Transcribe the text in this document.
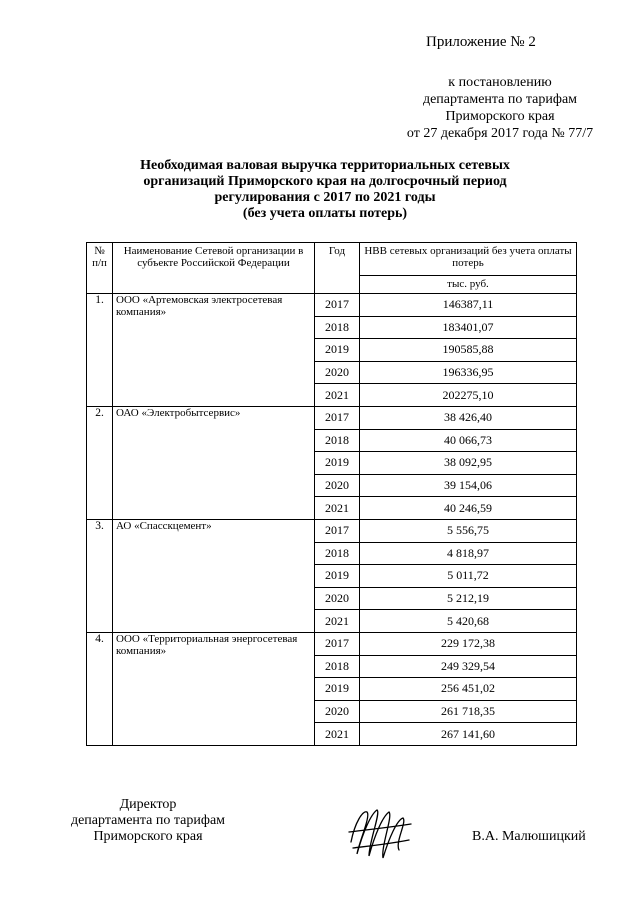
Приложение № 2
к постановлению
департамента по тарифам
Приморского края
от 27 декабря 2017 года № 77/7
Необходимая валовая выручка территориальных сетевых
организаций Приморского края на долгосрочный период
регулирования с 2017 по 2021 годы
(без учета оплаты потерь)
№ п/п	Наименование Сетевой организации в субъекте Российской Федерации	Год	НВВ сетевых организаций без учета оплаты потерь
			тыс. руб.
1.	ООО «Артемовская электросетевая компания»	2017	146387,11
		2018	183401,07
		2019	190585,88
		2020	196336,95
		2021	202275,10
2.	ОАО «Электробытсервис»	2017	38 426,40
		2018	40 066,73
		2019	38 092,95
		2020	39 154,06
		2021	40 246,59
3.	АО «Спасскцемент»	2017	5 556,75
		2018	4 818,97
		2019	5 011,72
		2020	5 212,19
		2021	5 420,68
4.	ООО «Территориальная энергосетевая компания»	2017	229 172,38
		2018	249 329,54
		2019	256 451,02
		2020	261 718,35
		2021	267 141,60
Директор
департамента по тарифам
Приморского края	В.А. Малюшицкий
